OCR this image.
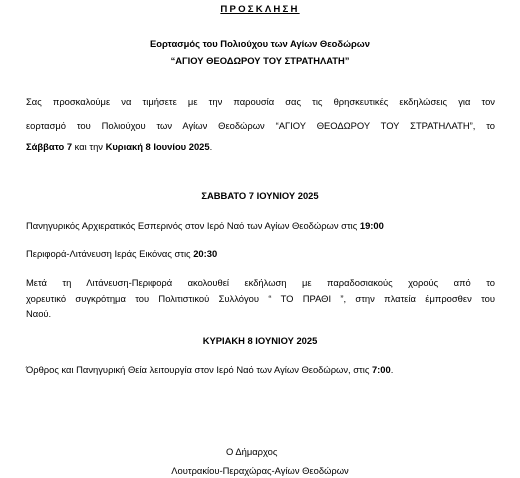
ΠΡΟΣΚΛΗΣΗ
Εορτασμός του Πολιούχου των Αγίων Θεοδώρων
“ΑΓΙΟΥ ΘΕΟΔΩΡΟΥ ΤΟΥ ΣΤΡΑΤΗΛΑΤΗ”
Σας προσκαλούμε να τιμήσετε με την παρουσία σας τις θρησκευτικές εκδηλώσεις για τον
εορτασμό του Πολιούχου των Αγίων Θεοδώρων “ΑΓΙΟΥ ΘΕΟΔΩΡΟΥ ΤΟΥ ΣΤΡΑΤΗΛΑΤΗ”, το
Σάββατο 7 και την Κυριακή 8 Ιουνίου 2025.
ΣΑΒΒΑΤΟ 7 ΙΟΥΝΙΟΥ 2025
Πανηγυρικός Αρχιερατικός Εσπερινός στον Ιερό Ναό των Αγίων Θεοδώρων στις 19:00
Περιφορά-Λιτάνευση Ιεράς Εικόνας στις 20:30
Μετά τη Λιτάνευση-Περιφορά ακολουθεί εκδήλωση με παραδοσιακούς χορούς από το
χορευτικό συγκρότημα του Πολιτιστικού Συλλόγου “ ΤΟ ΠΡΑΘΙ ”, στην πλατεία έμπροσθεν του
Ναού.
ΚΥΡΙΑΚΗ 8 ΙΟΥΝΙΟΥ 2025
Όρθρος και Πανηγυρική Θεία λειτουργία στον Ιερό Ναό των Αγίων Θεοδώρων, στις 7:00.
Ο Δήμαρχος
Λουτρακίου-Περαχώρας-Αγίων Θεοδώρων
